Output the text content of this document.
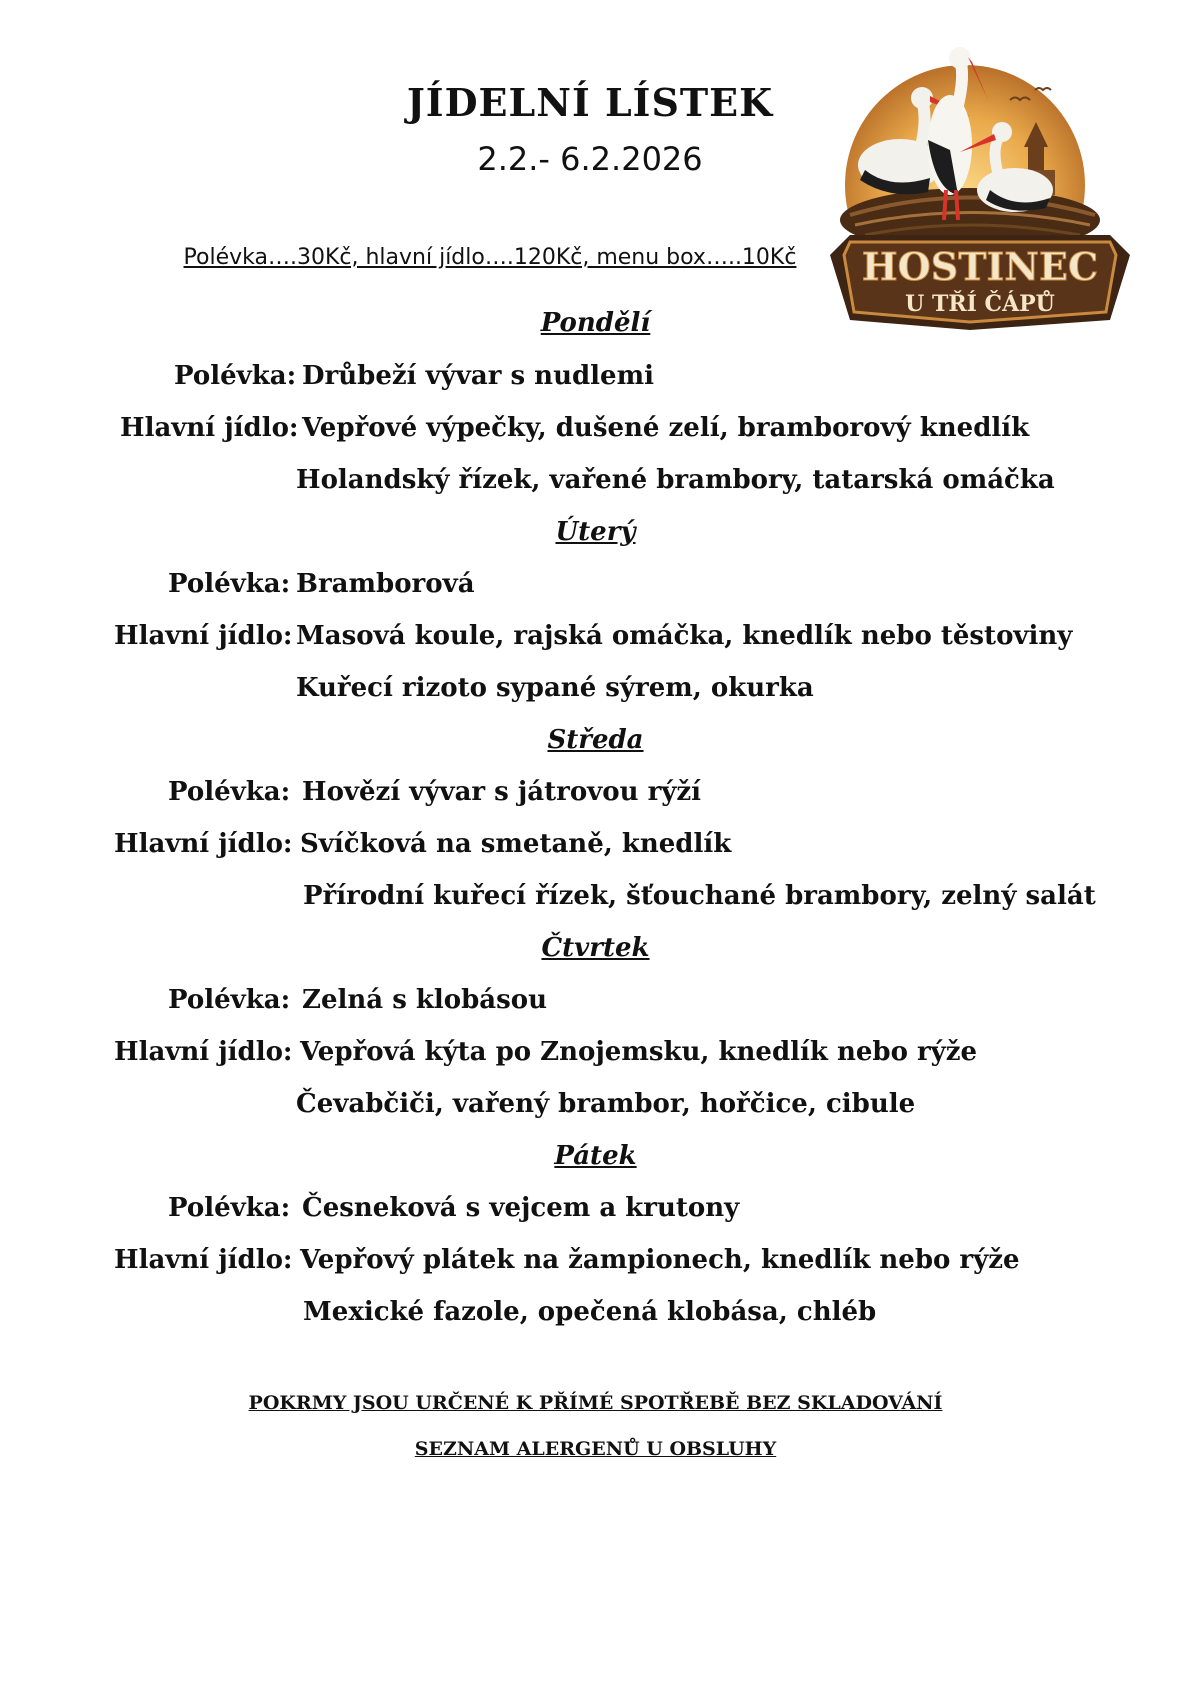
JÍDELNÍ LÍSTEK
2.2.- 6.2.2026
Polévka….30Kč, hlavní jídlo….120Kč, menu box…..10Kč	HOSTINEC
U TŘÍ ČÁPŮ
Pondělí
Polévka: Drůbeží vývar s nudlemi
Hlavní jídlo: Vepřové výpečky, dušené zelí, bramborový knedlík
Holandský řízek, vařené brambory, tatarská omáčka
Úterý
Polévka: Bramborová
Hlavní jídlo: Masová koule, rajská omáčka, knedlík nebo těstoviny
Kuřecí rizoto sypané sýrem, okurka
Středa
Polévka: Hovězí vývar s játrovou rýží
Hlavní jídlo: Svíčková na smetaně, knedlík
Přírodní kuřecí řízek, šťouchané brambory, zelný salát
Čtvrtek
Polévka: Zelná s klobásou
Hlavní jídlo: Vepřová kýta po Znojemsku, knedlík nebo rýže
Čevabčiči, vařený brambor, hořčice, cibule
Pátek
Polévka: Česneková s vejcem a krutony
Hlavní jídlo: Vepřový plátek na žampionech, knedlík nebo rýže
Mexické fazole, opečená klobása, chléb
POKRMY JSOU URČENÉ K PŘÍMÉ SPOTŘEBĚ BEZ SKLADOVÁNÍ
SEZNAM ALERGENŮ U OBSLUHY
